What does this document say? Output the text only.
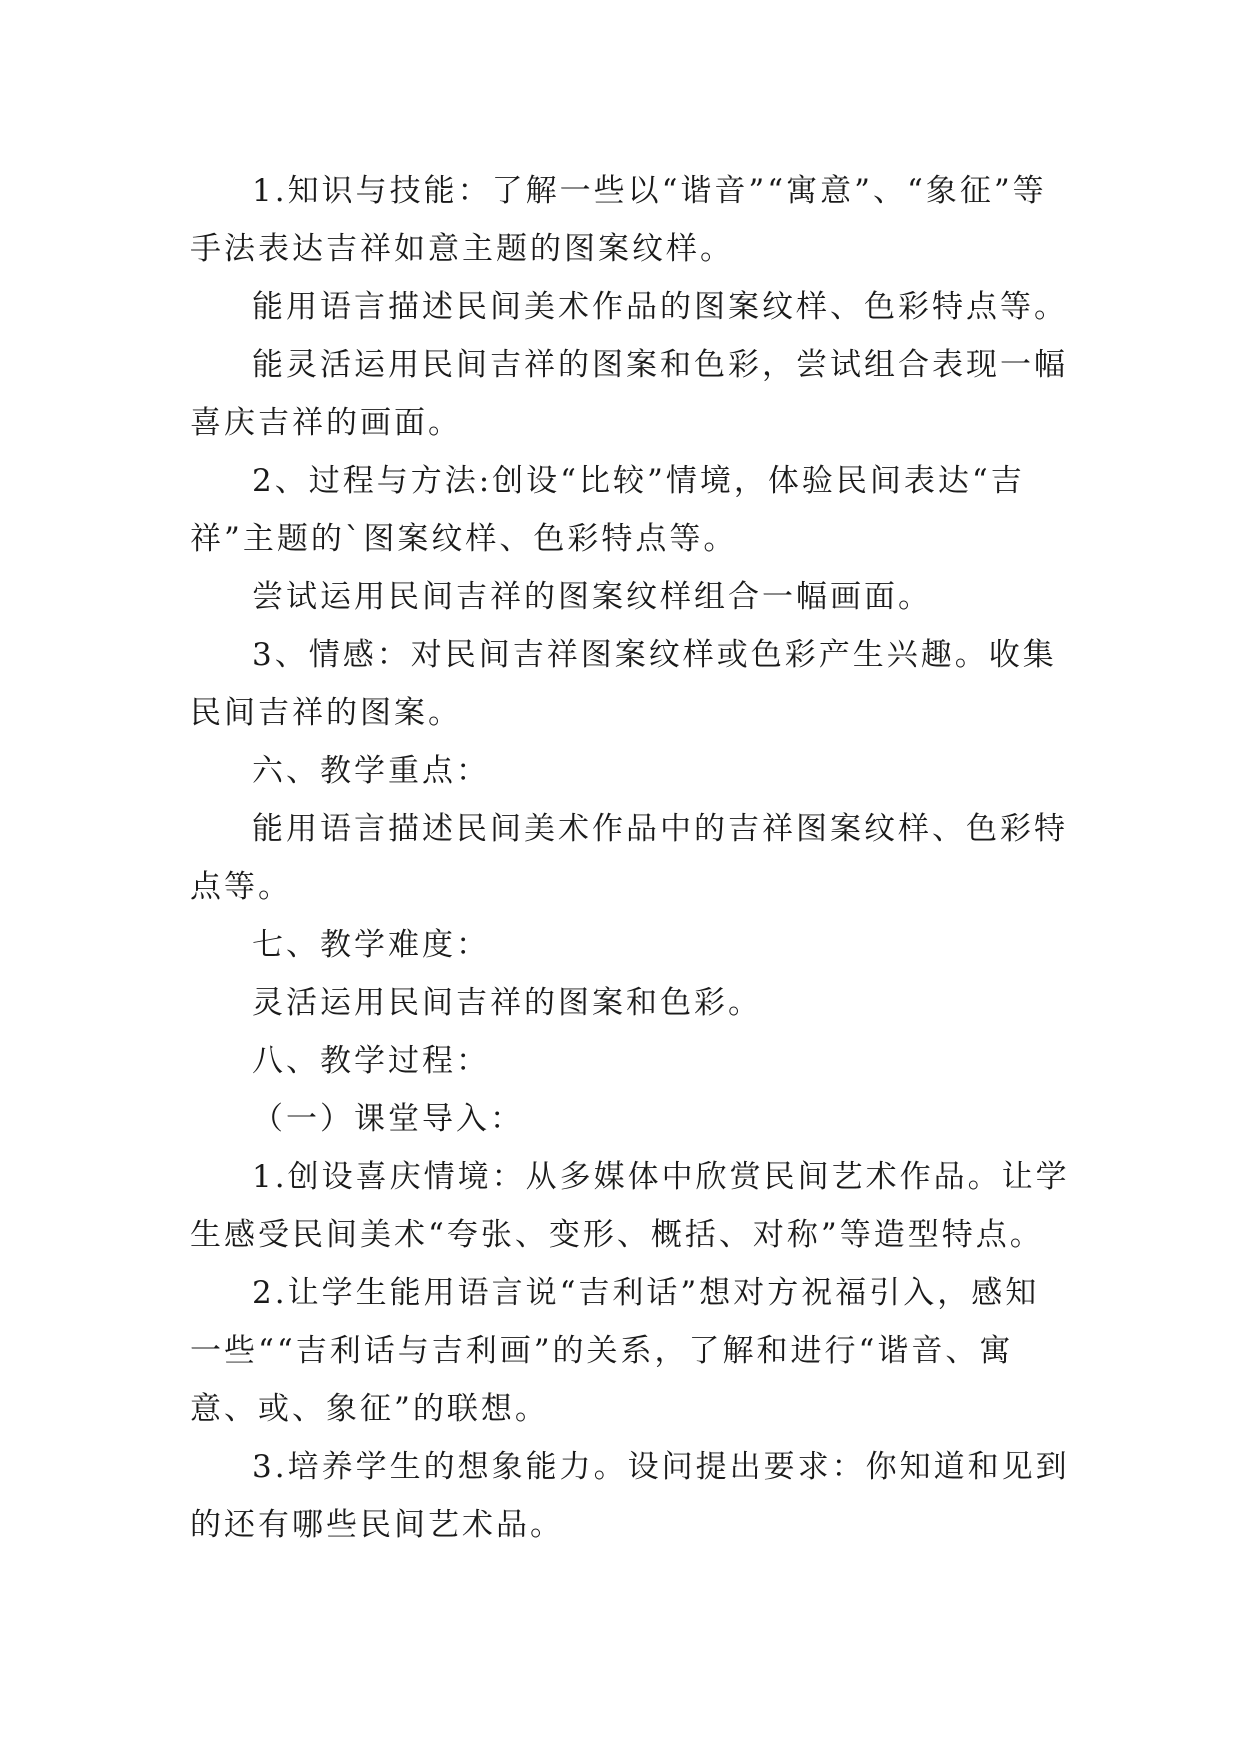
1.知识与技能：了解一些以“谐音”“寓意”、“象征”等手法表达吉祥如意主题的图案纹样。

能用语言描述民间美术作品的图案纹样、色彩特点等。

能灵活运用民间吉祥的图案和色彩，尝试组合表现一幅喜庆吉祥的画面。

2、过程与方法:创设“比较”情境，体验民间表达“吉祥”主题的`图案纹样、色彩特点等。

尝试运用民间吉祥的图案纹样组合一幅画面。

3、情感：对民间吉祥图案纹样或色彩产生兴趣。收集民间吉祥的图案。

六、教学重点：

能用语言描述民间美术作品中的吉祥图案纹样、色彩特点等。

七、教学难度：

灵活运用民间吉祥的图案和色彩。

八、教学过程：

（一）课堂导入：

1.创设喜庆情境：从多媒体中欣赏民间艺术作品。让学生感受民间美术“夸张、变形、概括、对称”等造型特点。

2.让学生能用语言说“吉利话”想对方祝福引入，感知一些““吉利话与吉利画”的关系，了解和进行“谐音、寓意、或、象征”的联想。

3.培养学生的想象能力。设问提出要求：你知道和见到的还有哪些民间艺术品。
